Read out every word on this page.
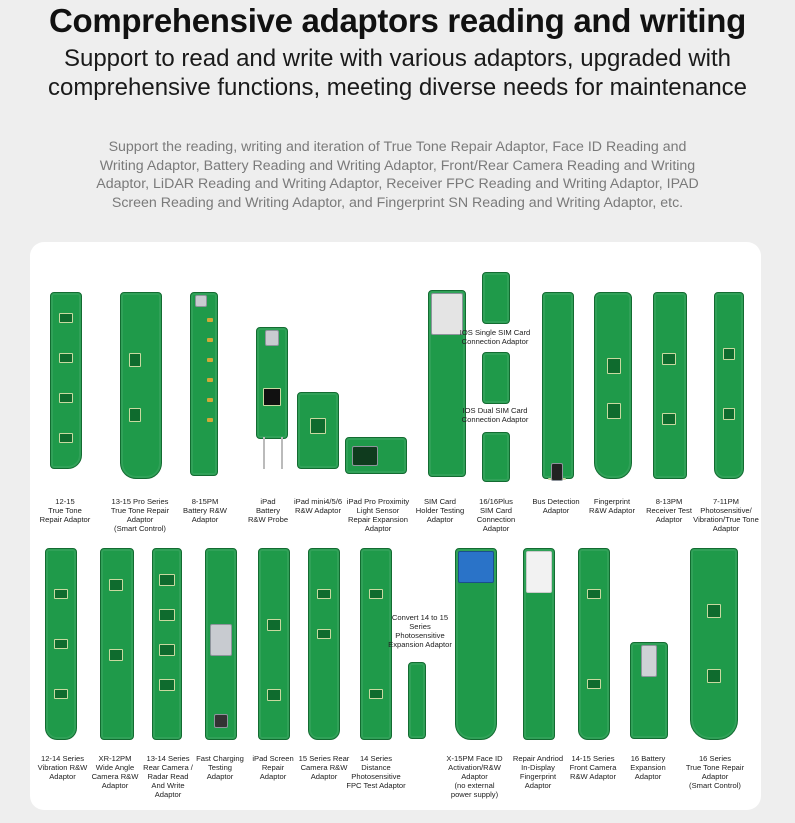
Comprehensive adaptors reading and writing
Support to read and write with various adaptors, upgraded with comprehensive functions, meeting diverse needs for maintenance
Support the reading, writing and iteration of True Tone Repair Adaptor, Face ID Reading and Writing Adaptor, Battery Reading and Writing Adaptor, Front/Rear Camera Reading and Writing Adaptor, LiDAR Reading and Writing Adaptor, Receiver FPC Reading and Writing Adaptor, IPAD Screen Reading and Writing Adaptor, and Fingerprint SN Reading and Writing Adaptor, etc.
IOS Single SIM Card
Connection Adaptor
IOS Dual SIM Card
Connection Adaptor
12-15
True Tone
Repair Adaptor
13-15 Pro Series
True Tone Repair
Adaptor
(Smart Control)
8-15PM
Battery R&W
Adaptor
iPad
Battery
R&W Probe
iPad mini4/5/6
R&W Adaptor
iPad Pro Proximity
Light Sensor
Repair Expansion
Adaptor
SIM Card
Holder Testing
Adaptor
16/16Plus
SIM Card
Connection
Adaptor
Bus Detection
Adaptor
Fingerprint
R&W Adaptor
8-13PM
Receiver Test
Adaptor
7-11PM
Photosensitive/
Vibration/True Tone
Adaptor
Convert 14 to 15
Series
Photosensitive
Expansion Adaptor
12-14 Series
Vibration R&W
Adaptor
XR-12PM
Wide Angle
Camera R&W
Adaptor
13-14 Series
Rear Camera /
Radar Read
And Write
Adaptor
Fast Charging
Testing
Adaptor
iPad Screen
Repair
Adaptor
15 Series Rear
Camera R&W
Adaptor
14 Series
Distance
Photosensitive
FPC Test Adaptor
X-15PM Face ID
Activation/R&W
Adaptor
(no external
power supply)
Repair Andriod
In-Display
Fingerprint
Adaptor
14-15 Series
Front Camera
R&W Adaptor
16 Battery
Expansion
Adaptor
16 Series
True Tone Repair
Adaptor
(Smart Control)
